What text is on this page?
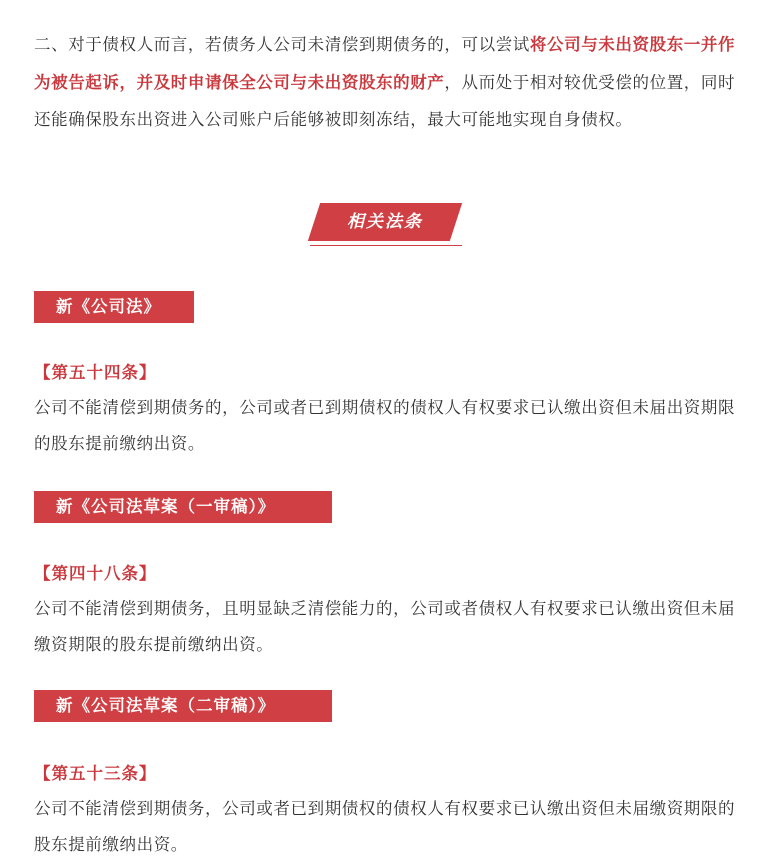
二、对于债权人而言，若债务人公司未清偿到期债务的，可以尝试将公司与未出资股东一并作为被告起诉，并及时申请保全公司与未出资股东的财产，从而处于相对较优受偿的位置，同时还能确保股东出资进入公司账户后能够被即刻冻结，最大可能地实现自身债权。

相关法条
新《公司法》

【第五十四条】

公司不能清偿到期债务的，公司或者已到期债权的债权人有权要求已认缴出资但未届出资期限的股东提前缴纳出资。

新《公司法草案（一审稿）》

【第四十八条】

公司不能清偿到期债务，且明显缺乏清偿能力的，公司或者债权人有权要求已认缴出资但未届缴资期限的股东提前缴纳出资。

新《公司法草案（二审稿）》

【第五十三条】

公司不能清偿到期债务，公司或者已到期债权的债权人有权要求已认缴出资但未届缴资期限的股东提前缴纳出资。
